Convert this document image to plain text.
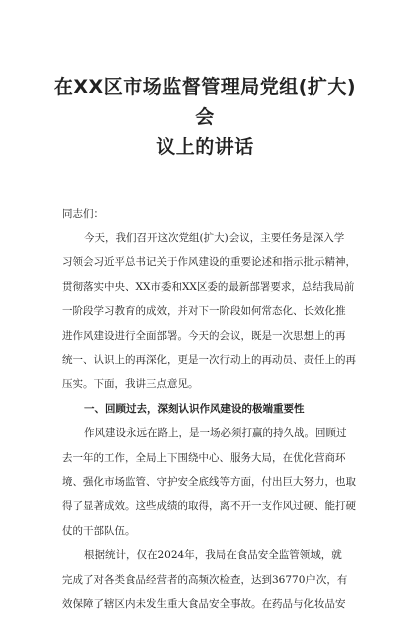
在XX区市场监督管理局党组(扩大)会
议上的讲话

同志们：

今天，我们召开这次党组(扩大)会议，主要任务是深入学
习领会习近平总书记关于作风建设的重要论述和指示批示精神，
贯彻落实中央、XX市委和XX区委的最新部署要求，总结我局前
一阶段学习教育的成效，并对下一阶段如何常态化、长效化推
进作风建设进行全面部署。今天的会议，既是一次思想上的再
统一、认识上的再深化，更是一次行动上的再动员、责任上的再
压实。下面，我讲三点意见。

一、回顾过去，深刻认识作风建设的极端重要性

作风建设永远在路上，是一场必须打赢的持久战。回顾过
去一年的工作，全局上下围绕中心、服务大局，在优化营商环
境、强化市场监管、守护安全底线等方面，付出巨大努力，也取
得了显著成效。这些成绩的取得，离不开一支作风过硬、能打硬
仗的干部队伍。

根据统计，仅在2024年，我局在食品安全监管领域，就
完成了对各类食品经营者的高频次检查，达到36770户次，有
效保障了辖区内未发生重大食品安全事故。在药品与化妆品安
